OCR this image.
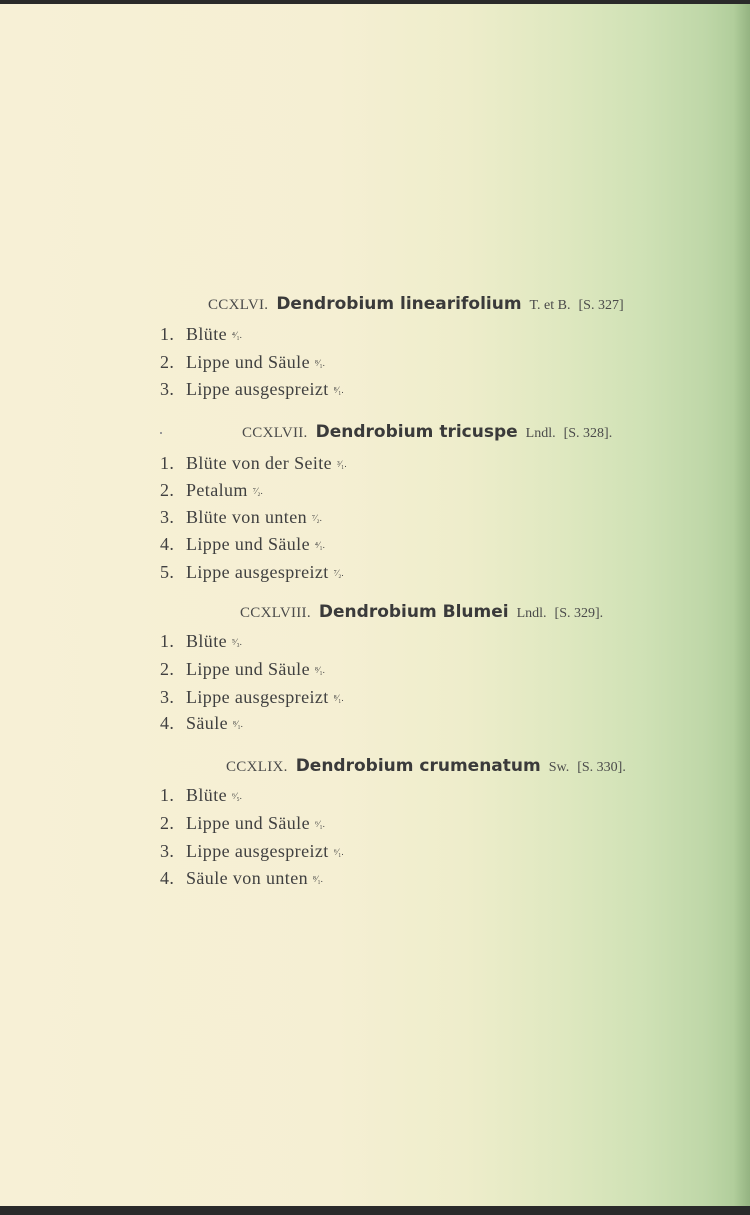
CCXLVI. Dendrobium linearifolium T. et B. [S. 327]
1. Blüte ⁴⁄₁.
2. Lippe und Säule ⁸⁄₁.
3. Lippe ausgespreizt ⁸⁄₁.
CCXLVII. Dendrobium tricuspe Lndl. [S. 328].
1. Blüte von der Seite ³⁄₁.
2. Petalum ⁷⁄₂.
3. Blüte von unten ⁷⁄₂.
4. Lippe und Säule ⁴⁄₁.
5. Lippe ausgespreizt ⁷⁄₂.
CCXLVIII. Dendrobium Blumei Lndl. [S. 329].
1. Blüte ⁵⁄₃.
2. Lippe und Säule ⁸⁄₁.
3. Lippe ausgespreizt ⁸⁄₁.
4. Säule ⁸⁄₁.
CCXLIX. Dendrobium crumenatum Sw. [S. 330].
1. Blüte ⁶⁄₅.
2. Lippe und Säule ⁶⁄₁.
3. Lippe ausgespreizt ⁶⁄₁.
4. Säule von unten ⁸⁄₁.
